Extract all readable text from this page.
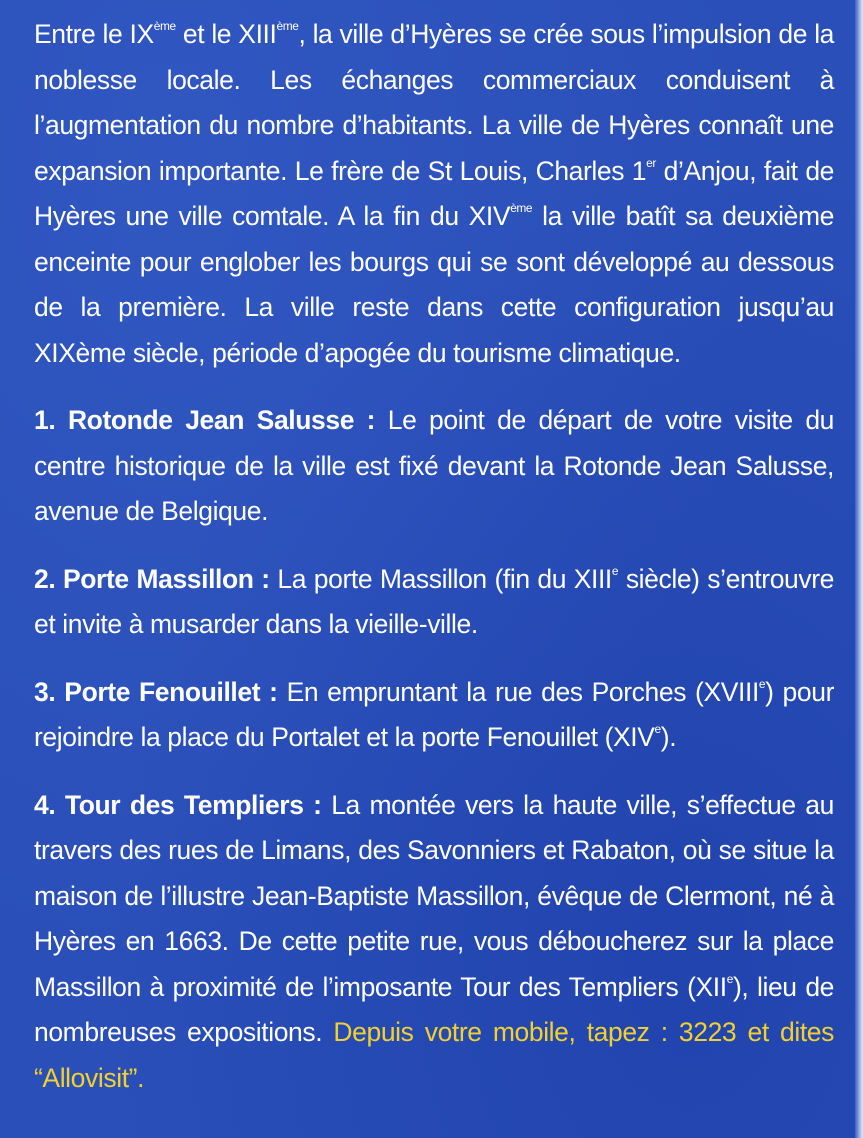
Entre le IXème et le XIIIème, la ville d’Hyères se crée sous l’impulsion de la noblesse locale. Les échanges commerciaux conduisent à l’augmentation du nombre d’habitants. La ville de Hyères connaît une expansion importante. Le frère de St Louis, Charles 1er d’Anjou, fait de Hyères une ville comtale. A la fin du XIVème la ville batît sa deuxième enceinte pour englober les bourgs qui se sont développé au dessous de la première. La ville reste dans cette configuration jusqu’au XIXème siècle, période d’apogée du tourisme climatique.

1. Rotonde Jean Salusse : Le point de départ de votre visite du centre historique de la ville est fixé devant la Rotonde Jean Salusse, avenue de Belgique.

2. Porte Massillon : La porte Massillon (fin du XIIIe siècle) s’entrouvre et invite à musarder dans la vieille-ville.

3. Porte Fenouillet : En empruntant la rue des Porches (XVIIIe) pour rejoindre la place du Portalet et la porte Fenouillet (XIVe).

4. Tour des Templiers : La montée vers la haute ville, s’effectue au travers des rues de Limans, des Savonniers et Rabaton, où se situe la maison de l’illustre Jean-Baptiste Massillon, évêque de Clermont, né à Hyères en 1663. De cette petite rue, vous déboucherez sur la place Massillon à proximité de l’imposante Tour des Templiers (XIIe), lieu de nombreuses expositions. Depuis votre mobile, tapez : 3223 et dites “Allovisit”.
